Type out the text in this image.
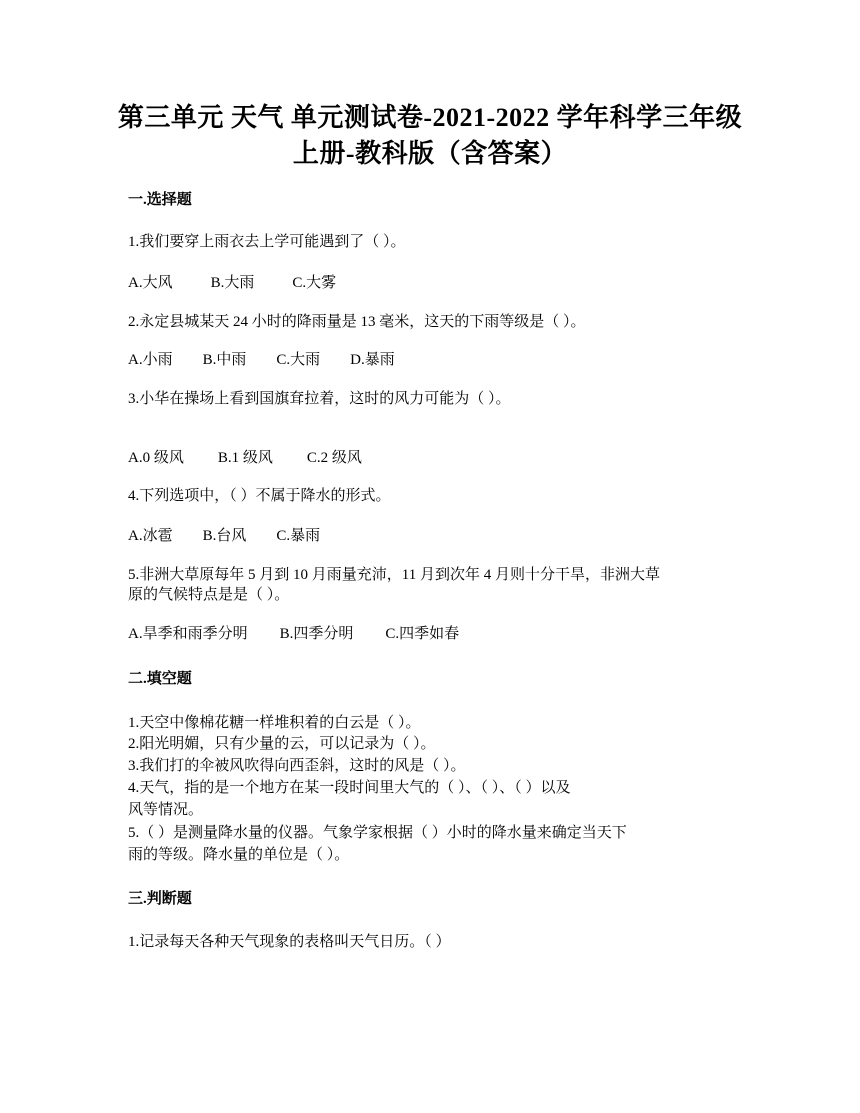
第三单元 天气 单元测试卷-2021-2022 学年科学三年级
上册-教科版（含答案）
一.选择题
1.我们要穿上雨衣去上学可能遇到了（ ）。
A.大风	B.大雨	C.大雾
2.永定县城某天 24 小时的降雨量是 13 毫米，这天的下雨等级是（ ）。
A.小雨 B.中雨 C.大雨 D.暴雨
3.小华在操场上看到国旗耷拉着，这时的风力可能为（ ）。
A.0 级风 B.1 级风 C.2 级风
4.下列选项中，（ ）不属于降水的形式。
A.冰雹 B.台风 C.暴雨
5.非洲大草原每年 5 月到 10 月雨量充沛，11 月到次年 4 月则十分干旱，非洲大草
原的气候特点是是（ ）。
A.旱季和雨季分明 B.四季分明 C.四季如春
二.填空题
1.天空中像棉花糖一样堆积着的白云是（ ）。
2.阳光明媚，只有少量的云，可以记录为（ ）。
3.我们打的伞被风吹得向西歪斜，这时的风是（ ）。
4.天气，指的是一个地方在某一段时间里大气的（ ）、（ ）、（ ）以及
风等情况。
5.（ ）是测量降水量的仪器。气象学家根据（ ）小时的降水量来确定当天下
雨的等级。降水量的单位是（ ）。
三.判断题
1.记录每天各种天气现象的表格叫天气日历。（ ）
